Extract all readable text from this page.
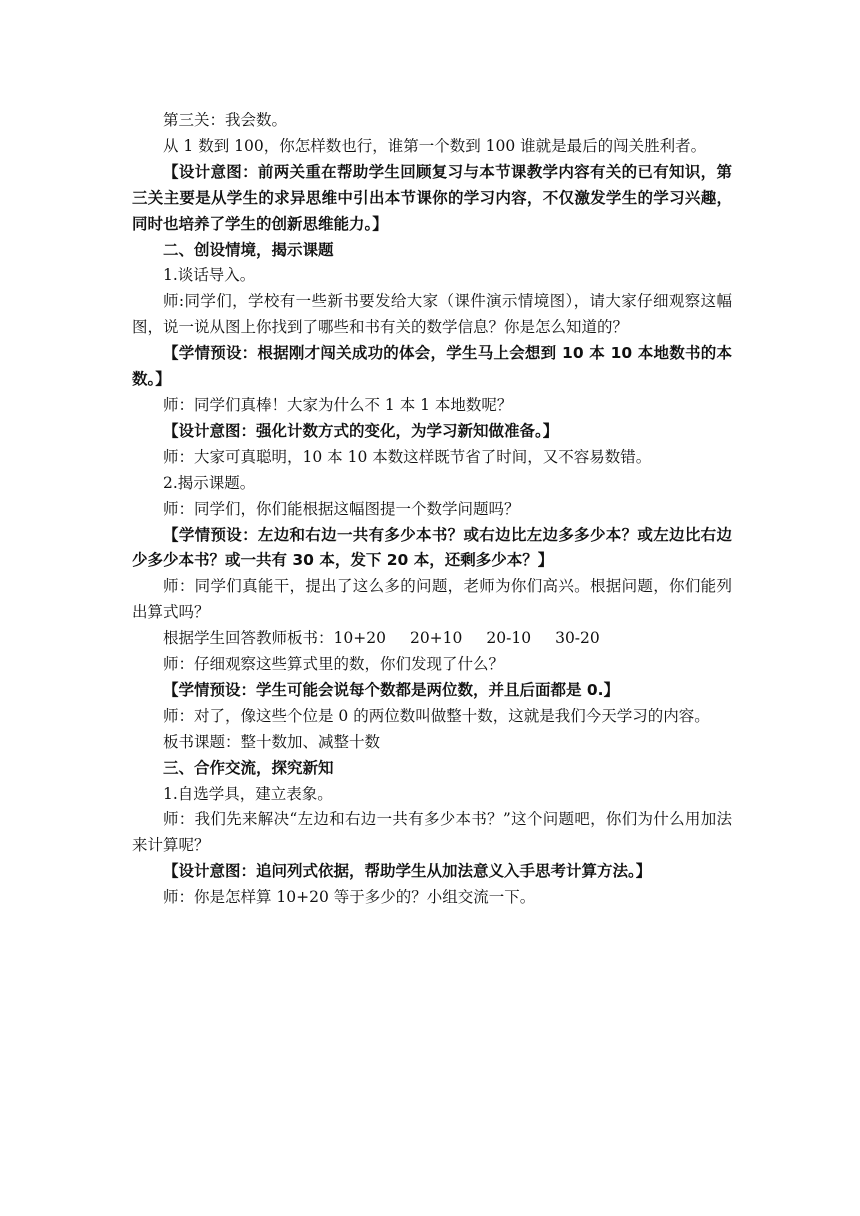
第三关：我会数。

从 1 数到 100，你怎样数也行，谁第一个数到 100 谁就是最后的闯关胜利者。

【设计意图：前两关重在帮助学生回顾复习与本节课教学内容有关的已有知识，第三关主要是从学生的求异思维中引出本节课你的学习内容，不仅激发学生的学习兴趣，同时也培养了学生的创新思维能力。】

二、创设情境，揭示课题

1.谈话导入。

师:同学们，学校有一些新书要发给大家（课件演示情境图），请大家仔细观察这幅图，说一说从图上你找到了哪些和书有关的数学信息？你是怎么知道的？

【学情预设：根据刚才闯关成功的体会，学生马上会想到 10 本 10 本地数书的本数。】

师：同学们真棒！大家为什么不 1 本 1 本地数呢？

【设计意图：强化计数方式的变化，为学习新知做准备。】

师：大家可真聪明，10 本 10 本数这样既节省了时间，又不容易数错。

2.揭示课题。

师：同学们，你们能根据这幅图提一个数学问题吗？

【学情预设：左边和右边一共有多少本书？或右边比左边多多少本？或左边比右边少多少本书？或一共有 30 本，发下 20 本，还剩多少本？】

师：同学们真能干，提出了这么多的问题，老师为你们高兴。根据问题，你们能列出算式吗？

根据学生回答教师板书：10+20 20+10 20-10 30-20

师：仔细观察这些算式里的数，你们发现了什么？

【学情预设：学生可能会说每个数都是两位数，并且后面都是 0.】

师：对了，像这些个位是 0 的两位数叫做整十数，这就是我们今天学习的内容。

板书课题：整十数加、减整十数

三、合作交流，探究新知

1.自选学具，建立表象。

师：我们先来解决“左边和右边一共有多少本书？”这个问题吧，你们为什么用加法来计算呢？

【设计意图：追问列式依据，帮助学生从加法意义入手思考计算方法。】

师：你是怎样算 10+20 等于多少的？小组交流一下。
